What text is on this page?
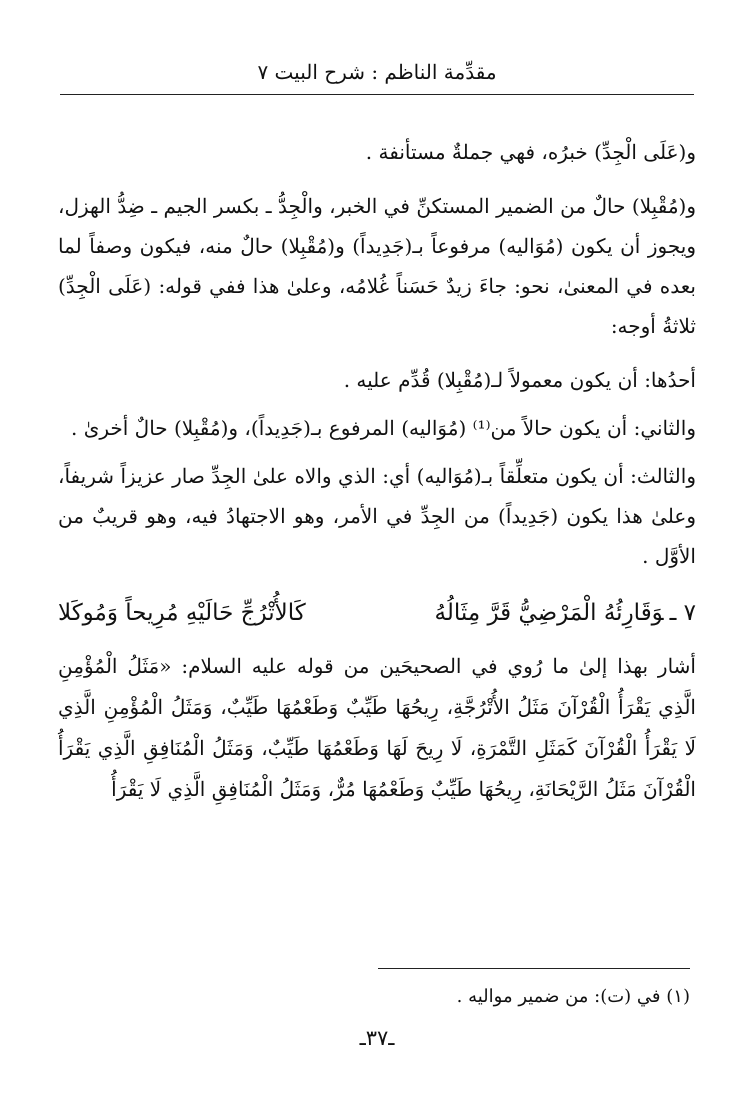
مقدِّمة الناظم : شرح البيت ٧

و(عَلَى الْجِدِّ) خبرُه، فهي جملةٌ مستأنفة .

و(مُقْبِلا) حالٌ من الضمير المستكنِّ في الخبر، والْجِدُّ ـ بكسر الجيم ـ ضِدُّ الهزل، ويجوز أن يكون (مُوَاليه) مرفوعاً بـ(جَدِيداً) و(مُقْبِلا) حالٌ منه، فيكون وصفاً لما بعده في المعنىٰ، نحو: جاءَ زيدٌ حَسَناً غُلامُه، وعلىٰ هذا ففي قوله: (عَلَى الْجِدِّ) ثلاثةُ أوجه:

أحدُها: أن يكون معمولاً لـ(مُقْبِلا) قُدِّم عليه .

والثاني: أن يكون حالاً من⁽¹⁾ (مُوَاليه) المرفوع بـ(جَدِيداً)، و(مُقْبِلا) حالٌ أخرىٰ .

والثالث: أن يكون متعلِّقاً بـ(مُوَاليه) أي: الذي والاه علىٰ الجِدِّ صار عزيزاً شريفاً، وعلىٰ هذا يكون (جَدِيداً) من الجِدِّ في الأمر، وهو الاجتهادُ فيه، وهو قريبٌ من الأوَّل .

٧ ـوَقَارِئُهُ الْمَرْضِيُّ قَرَّ مِثَالُهُ
كَالأُتْرُجِّ حَالَيْهِ مُرِيحاً وَمُوكَلا

أشار بهذا إلىٰ ما رُوي في الصحيحَين من قوله عليه السلام: «مَثَلُ الْمُؤْمِنِ الَّذِي يَقْرَأُ الْقُرْآنَ مَثَلُ الأُتْرُجَّةِ، رِيحُهَا طَيِّبٌ وَطَعْمُهَا طَيِّبٌ، وَمَثَلُ الْمُؤْمِنِ الَّذِي لَا يَقْرَأُ الْقُرْآنَ كَمَثَلِ التَّمْرَةِ، لَا رِيحَ لَهَا وَطَعْمُهَا طَيِّبٌ، وَمَثَلُ الْمُنَافِقِ الَّذِي يَقْرَأُ الْقُرْآنَ مَثَلُ الرَّيْحَانَةِ، رِيحُهَا طَيِّبٌ وَطَعْمُهَا مُرٌّ، وَمَثَلُ الْمُنَافِقِ الَّذِي لَا يَقْرَأُ

(١) في (ت): من ضمير مواليه .
ـ٣٧ـ
